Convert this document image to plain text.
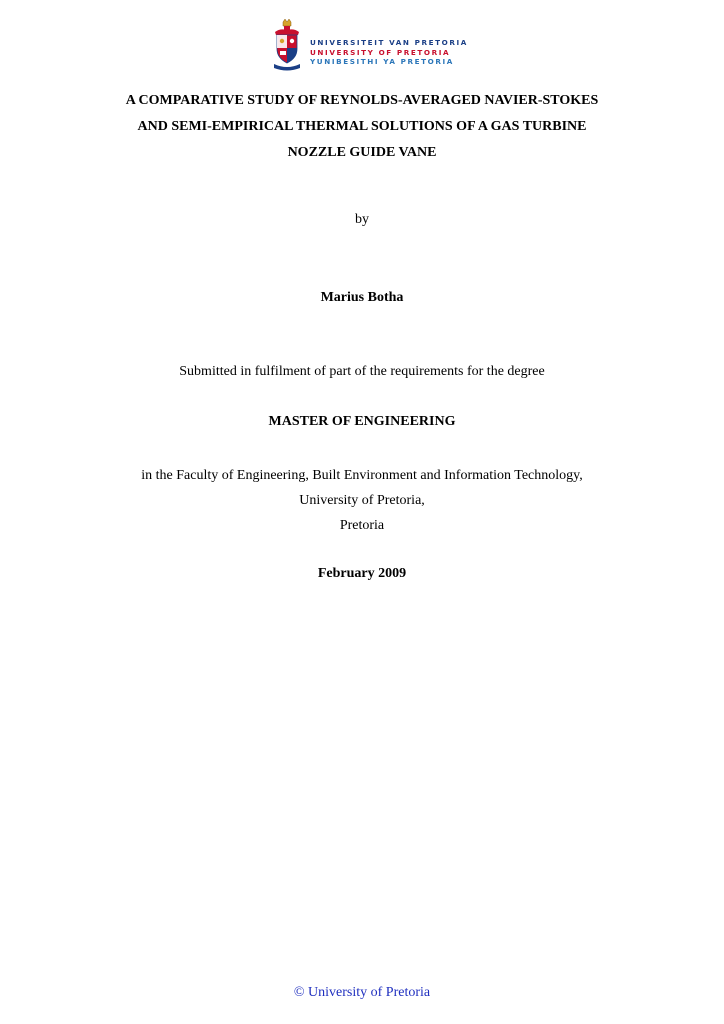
UNIVERSITEIT VAN PRETORIA
UNIVERSITY OF PRETORIA
YUNIBESITHI YA PRETORIA
A COMPARATIVE STUDY OF REYNOLDS-AVERAGED NAVIER-STOKES
AND SEMI-EMPIRICAL THERMAL SOLUTIONS OF A GAS TURBINE
NOZZLE GUIDE VANE
by
Marius Botha
Submitted in fulfilment of part of the requirements for the degree
MASTER OF ENGINEERING
in the Faculty of Engineering, Built Environment and Information Technology,
University of Pretoria,
Pretoria
February 2009
© University of Pretoria
